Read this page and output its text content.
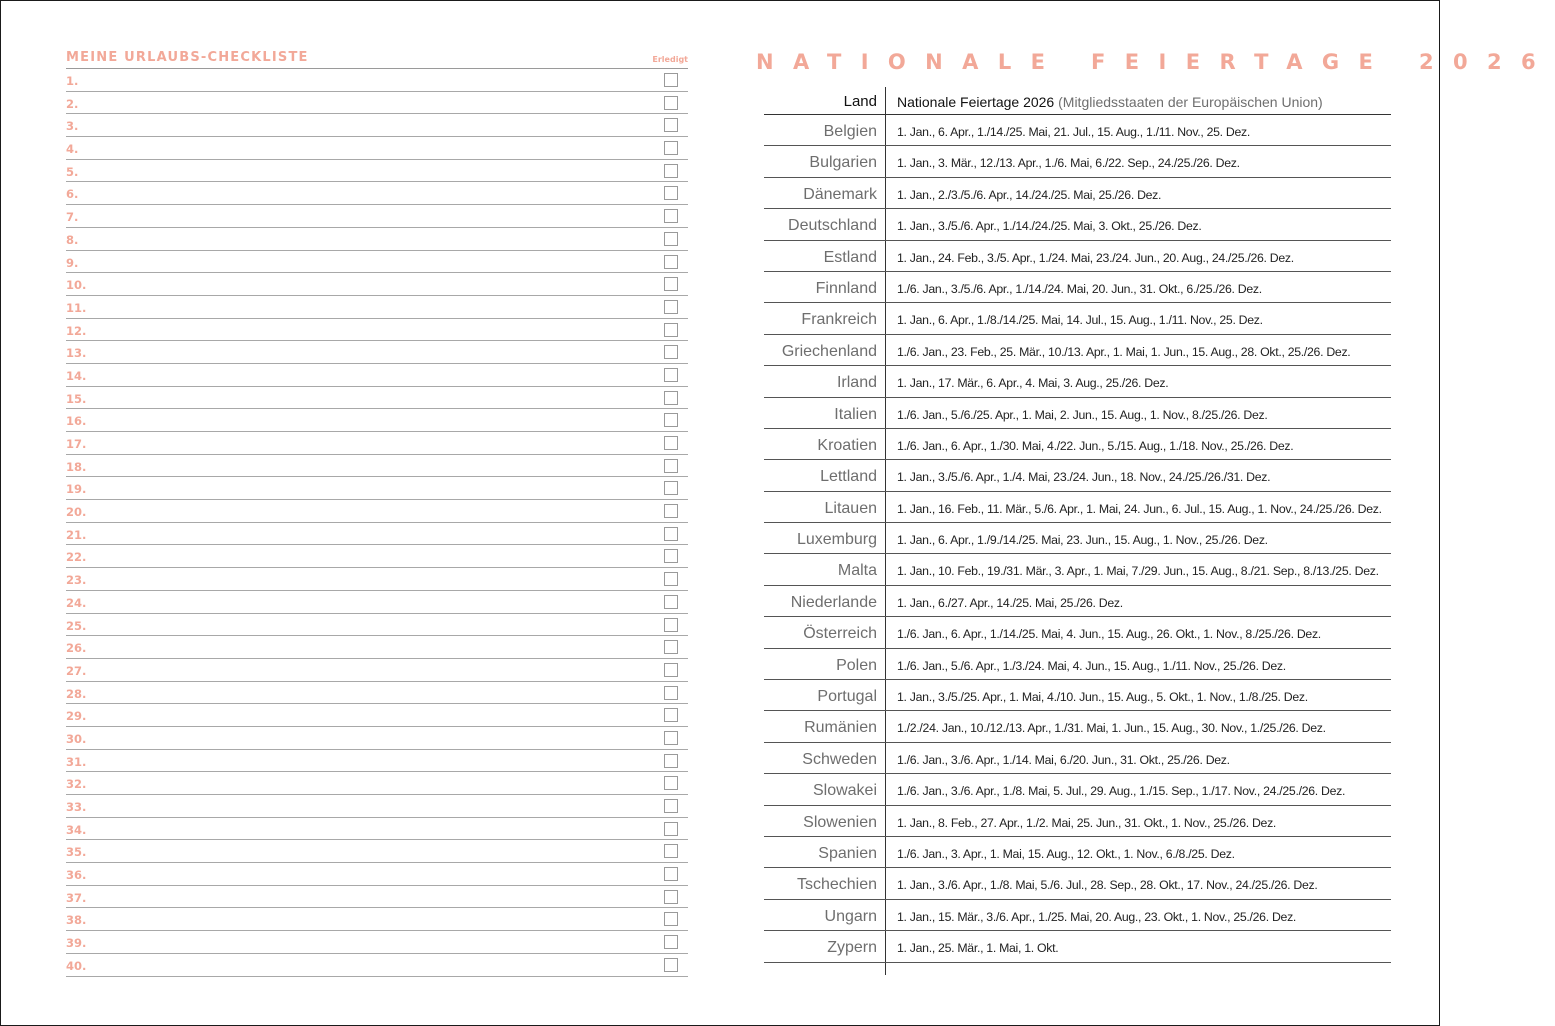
MEINE URLAUBS-CHECKLISTE	Erledigt
1.
2.
3.
4.
5.
6.
7.
8.
9.
10.
11.
12.
13.
14.
15.
16.
17.
18.
19.
20.
21.
22.
23.
24.
25.
26.
27.
28.
29.
30.
31.
32.
33.
34.
35.
36.
37.
38.
39.
40.
NATIONALE FEIERTAGE 2026
Land Nationale Feiertage 2026 (Mitgliedsstaaten der Europäischen Union)
Belgien 1. Jan., 6. Apr., 1./14./25. Mai, 21. Jul., 15. Aug., 1./11. Nov., 25. Dez.
Bulgarien 1. Jan., 3. Mär., 12./13. Apr., 1./6. Mai, 6./22. Sep., 24./25./26. Dez.
Dänemark 1. Jan., 2./3./5./6. Apr., 14./24./25. Mai, 25./26. Dez.
Deutschland 1. Jan., 3./5./6. Apr., 1./14./24./25. Mai, 3. Okt., 25./26. Dez.
Estland 1. Jan., 24. Feb., 3./5. Apr., 1./24. Mai, 23./24. Jun., 20. Aug., 24./25./26. Dez.
Finnland 1./6. Jan., 3./5./6. Apr., 1./14./24. Mai, 20. Jun., 31. Okt., 6./25./26. Dez.
Frankreich 1. Jan., 6. Apr., 1./8./14./25. Mai, 14. Jul., 15. Aug., 1./11. Nov., 25. Dez.
Griechenland 1./6. Jan., 23. Feb., 25. Mär., 10./13. Apr., 1. Mai, 1. Jun., 15. Aug., 28. Okt., 25./26. Dez.
Irland 1. Jan., 17. Mär., 6. Apr., 4. Mai, 3. Aug., 25./26. Dez.
Italien 1./6. Jan., 5./6./25. Apr., 1. Mai, 2. Jun., 15. Aug., 1. Nov., 8./25./26. Dez.
Kroatien 1./6. Jan., 6. Apr., 1./30. Mai, 4./22. Jun., 5./15. Aug., 1./18. Nov., 25./26. Dez.
Lettland 1. Jan., 3./5./6. Apr., 1./4. Mai, 23./24. Jun., 18. Nov., 24./25./26./31. Dez.
Litauen 1. Jan., 16. Feb., 11. Mär., 5./6. Apr., 1. Mai, 24. Jun., 6. Jul., 15. Aug., 1. Nov., 24./25./26. Dez.
Luxemburg 1. Jan., 6. Apr., 1./9./14./25. Mai, 23. Jun., 15. Aug., 1. Nov., 25./26. Dez.
Malta 1. Jan., 10. Feb., 19./31. Mär., 3. Apr., 1. Mai, 7./29. Jun., 15. Aug., 8./21. Sep., 8./13./25. Dez.
Niederlande 1. Jan., 6./27. Apr., 14./25. Mai, 25./26. Dez.
Österreich 1./6. Jan., 6. Apr., 1./14./25. Mai, 4. Jun., 15. Aug., 26. Okt., 1. Nov., 8./25./26. Dez.
Polen 1./6. Jan., 5./6. Apr., 1./3./24. Mai, 4. Jun., 15. Aug., 1./11. Nov., 25./26. Dez.
Portugal 1. Jan., 3./5./25. Apr., 1. Mai, 4./10. Jun., 15. Aug., 5. Okt., 1. Nov., 1./8./25. Dez.
Rumänien 1./2./24. Jan., 10./12./13. Apr., 1./31. Mai, 1. Jun., 15. Aug., 30. Nov., 1./25./26. Dez.
Schweden 1./6. Jan., 3./6. Apr., 1./14. Mai, 6./20. Jun., 31. Okt., 25./26. Dez.
Slowakei 1./6. Jan., 3./6. Apr., 1./8. Mai, 5. Jul., 29. Aug., 1./15. Sep., 1./17. Nov., 24./25./26. Dez.
Slowenien 1. Jan., 8. Feb., 27. Apr., 1./2. Mai, 25. Jun., 31. Okt., 1. Nov., 25./26. Dez.
Spanien 1./6. Jan., 3. Apr., 1. Mai, 15. Aug., 12. Okt., 1. Nov., 6./8./25. Dez.
Tschechien 1. Jan., 3./6. Apr., 1./8. Mai, 5./6. Jul., 28. Sep., 28. Okt., 17. Nov., 24./25./26. Dez.
Ungarn 1. Jan., 15. Mär., 3./6. Apr., 1./25. Mai, 20. Aug., 23. Okt., 1. Nov., 25./26. Dez.
Zypern 1. Jan., 25. Mär., 1. Mai, 1. Okt.
